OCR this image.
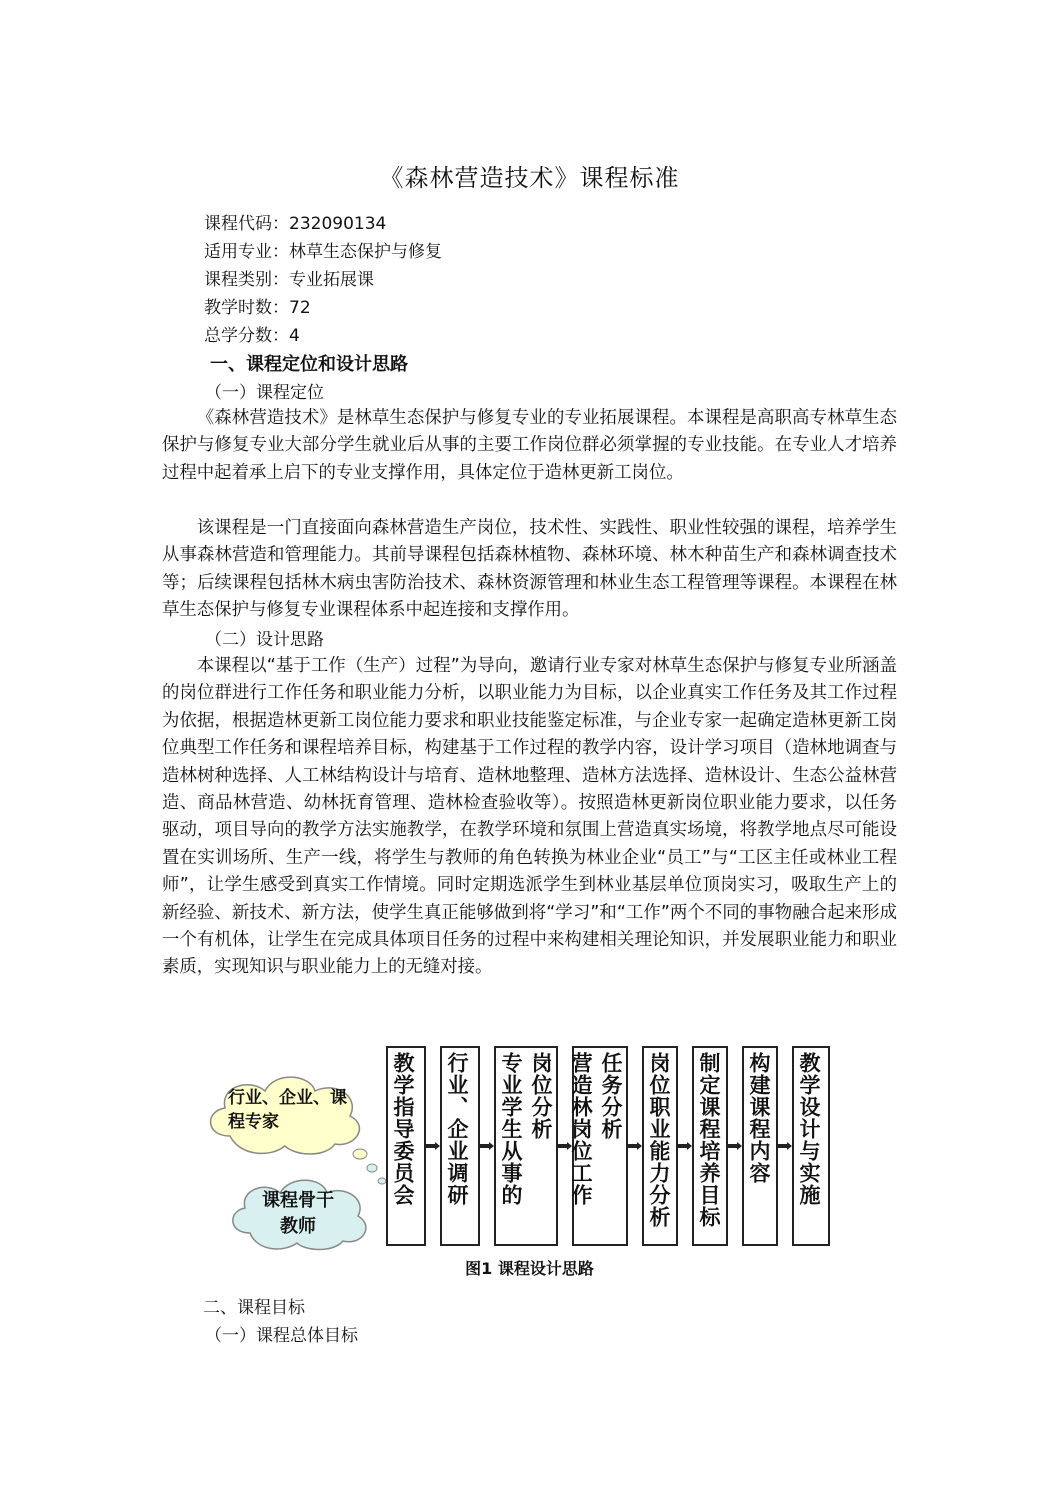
《森林营造技术》课程标准
课程代码：232090134
适用专业：林草生态保护与修复
课程类别：专业拓展课
教学时数：72
总学分数：4
一、课程定位和设计思路
（一）课程定位
《森林营造技术》是林草生态保护与修复专业的专业拓展课程。本课程是高职高专林草生态保护与修复专业大部分学生就业后从事的主要工作岗位群必须掌握的专业技能。在专业人才培养过程中起着承上启下的专业支撑作用，具体定位于造林更新工岗位。
该课程是一门直接面向森林营造生产岗位，技术性、实践性、职业性较强的课程，培养学生从事森林营造和管理能力。其前导课程包括森林植物、森林环境、林木种苗生产和森林调查技术等；后续课程包括林木病虫害防治技术、森林资源管理和林业生态工程管理等课程。本课程在林草生态保护与修复专业课程体系中起连接和支撑作用。
（二）设计思路
本课程以“基于工作（生产）过程”为导向，邀请行业专家对林草生态保护与修复专业所涵盖的岗位群进行工作任务和职业能力分析，以职业能力为目标，以企业真实工作任务及其工作过程为依据，根据造林更新工岗位能力要求和职业技能鉴定标准，与企业专家一起确定造林更新工岗位典型工作任务和课程培养目标，构建基于工作过程的教学内容，设计学习项目（造林地调查与造林树种选择、人工林结构设计与培育、造林地整理、造林方法选择、造林设计、生态公益林营造、商品林营造、幼林抚育管理、造林检查验收等）。按照造林更新岗位职业能力要求，以任务驱动，项目导向的教学方法实施教学，在教学环境和氛围上营造真实场境，将教学地点尽可能设置在实训场所、生产一线，将学生与教师的角色转换为林业企业“员工”与“工区主任或林业工程师”，让学生感受到真实工作情境。同时定期选派学生到林业基层单位顶岗实习，吸取生产上的新经验、新技术、新方法，使学生真正能够做到将“学习”和“工作”两个不同的事物融合起来形成一个有机体，让学生在完成具体项目任务的过程中来构建相关理论知识，并发展职业能力和职业素质，实现知识与职业能力上的无缝对接。
行业、企业、课程专家
课程骨干教师
教学指导委员会 行业、企业调研	岗位分析
专业学生从事的	任务分析
营造林岗位工作	岗位职业能力分析 制定课程培养目标 构建课程内容 教学设计与实施
图1 课程设计思路
二、课程目标
（一）课程总体目标
